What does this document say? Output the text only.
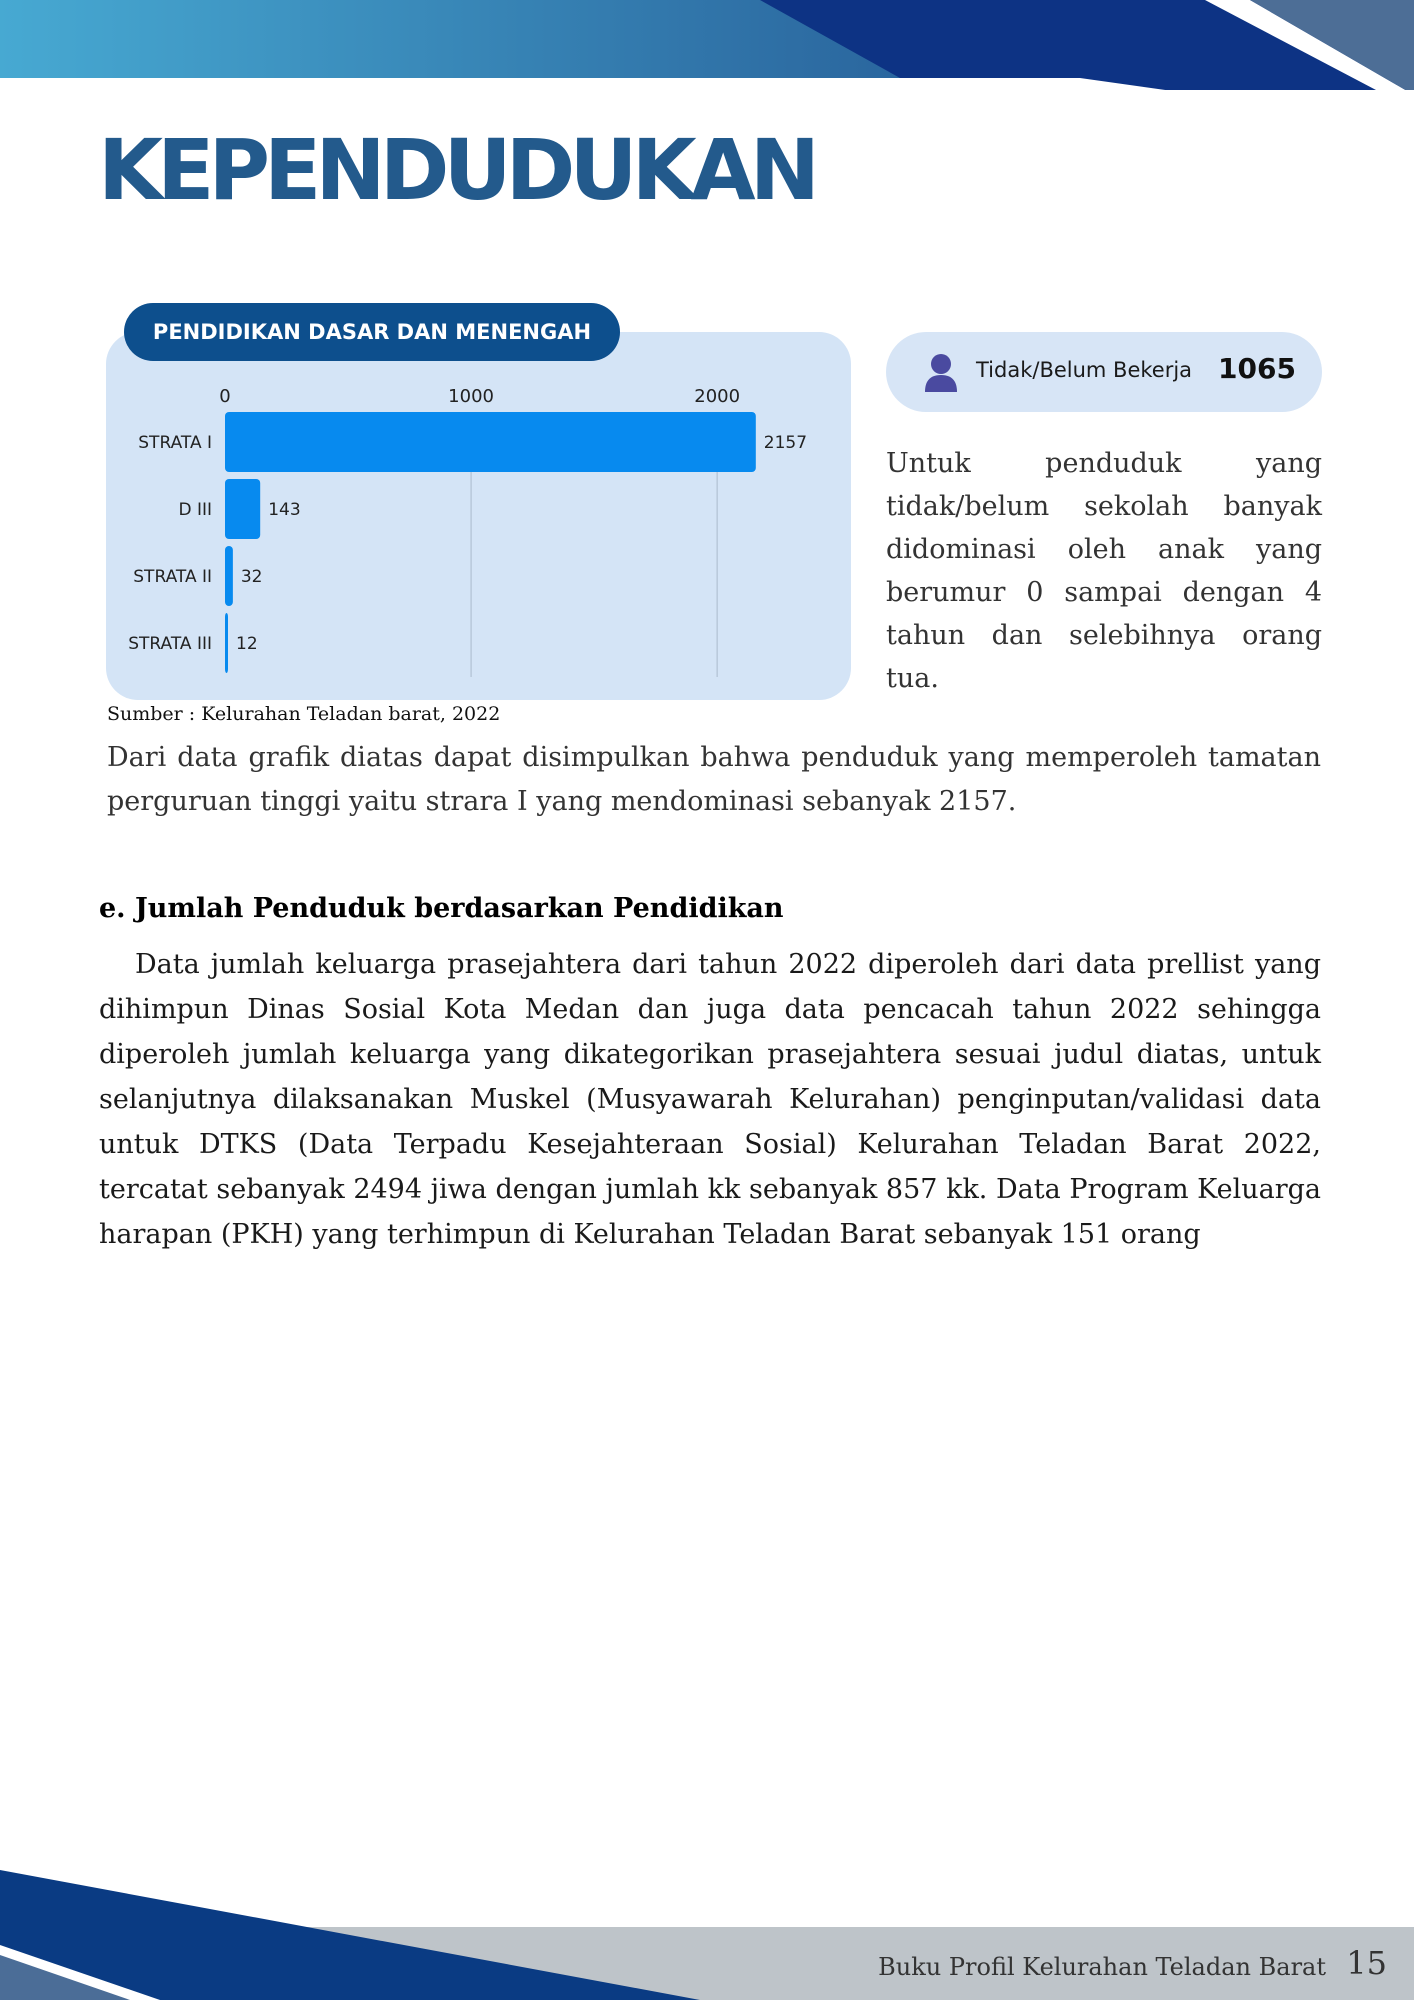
KEPENDUDUKAN
PENDIDIKAN DASAR DAN MENENGAH
0	1000	2000
STRATA I	2157
D III	143
STRATA II 32
STRATA III 12
Tidak/Belum Bekerja 1065

Untuk penduduk yang tidak/belum sekolah banyak didominasi oleh anak yang berumur 0 sampai dengan 4 tahun dan selebihnya orang tua.

Sumber : Kelurahan Teladan barat, 2022

Dari data grafik diatas dapat disimpulkan bahwa penduduk yang memperoleh tamatan perguruan tinggi yaitu strara I yang mendominasi sebanyak 2157.

e. Jumlah Penduduk berdasarkan Pendidikan

Data jumlah keluarga prasejahtera dari tahun 2022 diperoleh dari data prellist yang dihimpun Dinas Sosial Kota Medan dan juga data pencacah tahun 2022 sehingga diperoleh jumlah keluarga yang dikategorikan prasejahtera sesuai judul diatas, untuk selanjutnya dilaksanakan Muskel (Musyawarah Kelurahan) penginputan/validasi data untuk DTKS (Data Terpadu Kesejahteraan Sosial) Kelurahan Teladan Barat 2022, tercatat sebanyak 2494 jiwa dengan jumlah kk sebanyak 857 kk. Data Program Keluarga harapan (PKH) yang terhimpun di Kelurahan Teladan Barat sebanyak 151 orang

Buku Profil Kelurahan Teladan Barat 15
